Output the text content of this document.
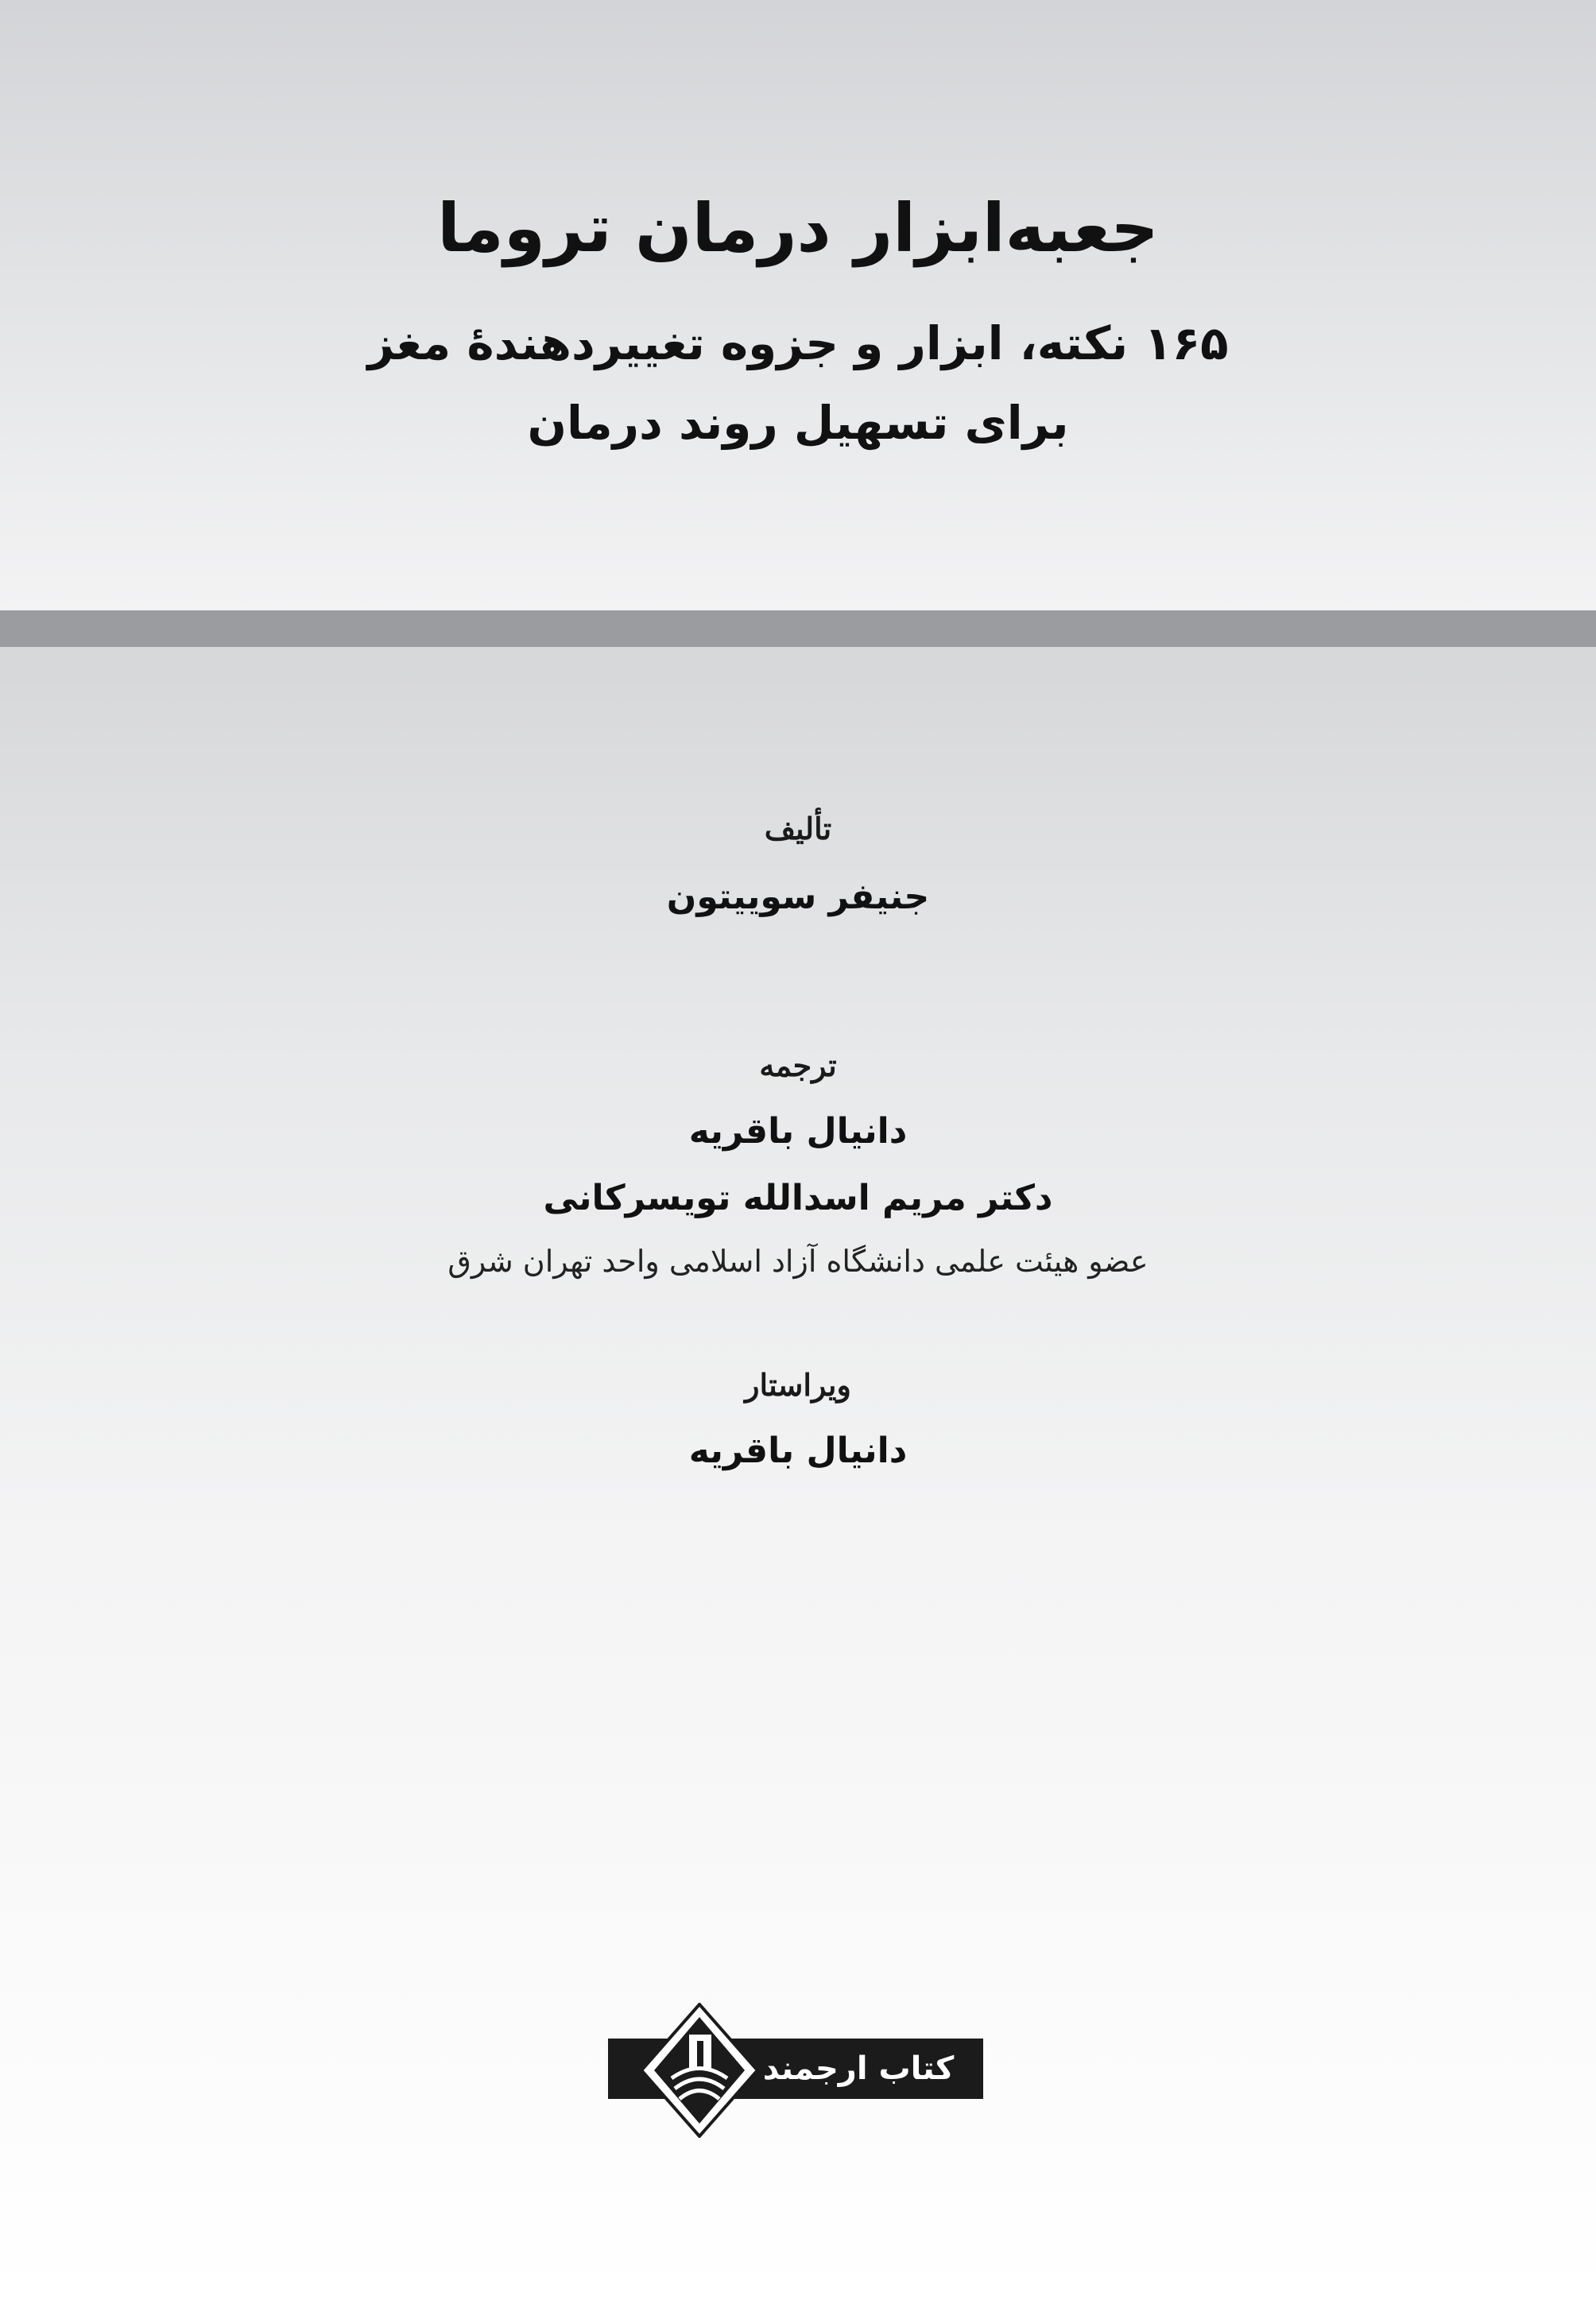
جعبه‌ابزار درمان تروما
۱۶۵ نکته، ابزار و جزوه تغییردهندهٔ مغز
برای تسهیل روند درمان
تألیف
جنیفر سوییتون
ترجمه
دانیال باقریه
دکتر مریم اسدالله تویسرکانی
عضو هیئت علمی دانشگاه آزاد اسلامی واحد تهران شرق
ویراستار
دانیال باقریه
کتاب ارجمند
